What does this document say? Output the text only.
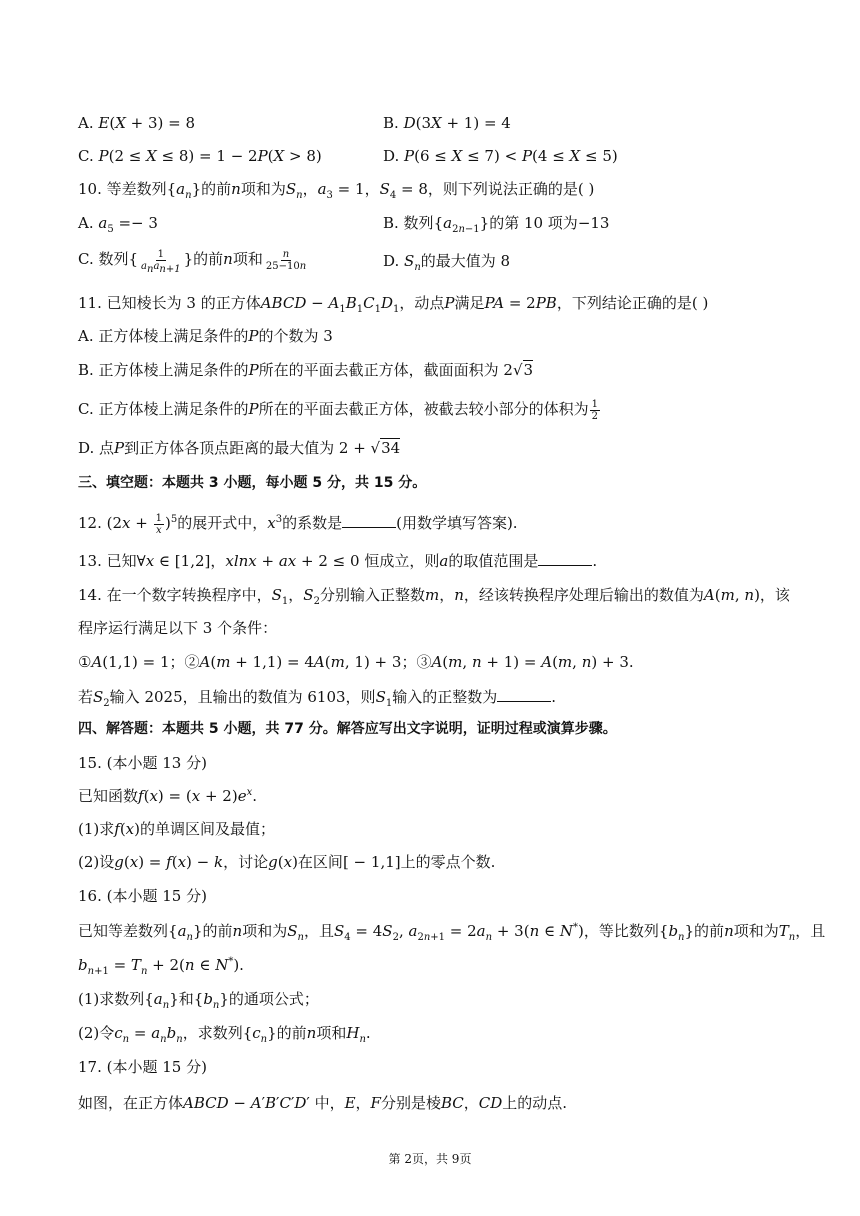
A. E(X + 3) = 8	B. D(3X + 1) = 4
C. P(2 ≤ X ≤ 8) = 1 − 2P(X > 8)	D. P(6 ≤ X ≤ 7) < P(4 ≤ X ≤ 5)
10. 等差数列$\{a_n\}$的前n项和为$S_n$，$a_3 = 1$，$S_4 = 8$，则下列说法正确的是( )
A. $a_5 =- 3$	B. 数列$\{a_{2n-1}\}$的第 10 项为−13
C. 数列{ $\frac{1}{a_na_{n+1}}$ }的前n项和 $\frac{n}{25-10n}$	D. $S_n$的最大值为 8
11. 已知棱长为 3 的正方体ABCD − $A_1B_1C_1D_1$，动点P满足PA = 2PB，下列结论正确的是( )
A. 正方体棱上满足条件的P的个数为 3
B. 正方体棱上满足条件的P所在的平面去截正方体，截面面积为 2√3
C. 正方体棱上满足条件的P所在的平面去截正方体，被截去较小部分的体积为 $\frac{1}{2}$
D. 点P到正方体各顶点距离的最大值为 2 + √34
三、填空题：本题共 3 小题，每小题 5 分，共 15 分。
12. $(2x + \frac{1}{x} )^5$的展开式中，$x^3$的系数是	(用数学填写答案).
13. 已知∀x ∈ [1,2]，xlnx + ax + 2 ≤ 0 恒成立，则a的取值范围是	.
14. 在一个数字转换程序中，$S_1$，$S_2$分别输入正整数m，n，经该转换程序处理后输出的数值为A(m, n)，该
程序运行满足以下 3 个条件：
①A(1,1) = 1；②A(m + 1,1) = 4A(m, 1) + 3；③A(m, n + 1) = A(m, n) + 3.
若$S_2$输入 2025，且输出的数值为 6103，则$S_1$输入的正整数为	.
四、解答题：本题共 5 小题，共 77 分。解答应写出文字说明，证明过程或演算步骤。
15. (本小题 13 分)
已知函数$f(x) = (x + 2)e^x$.
(1)求f(x)的单调区间及最值；
(2)设g(x) = f(x) − k，讨论g(x)在区间[ − 1,1]上的零点个数.
16. (本小题 15 分)
已知等差数列$\{a_n\}$的前n项和为$S_n$，且$S_4 = 4S_2$, $a_{2n+1} = 2a_n + 3(n$ ∈ N*)，等比数列$\{b_n\}$的前n项和为$T_n$，且
$b_{n+1} = T_n + 2(n$ ∈ N*).
(1)求数列$\{a_n\}$和$\{b_n\}$的通项公式；
(2)令$c_n = a_nb_n$，求数列$\{c_n\}$的前n项和$H_n$.
17. (本小题 15 分)
如图，在正方体ABCD − A′B′C′D′ 中，E，F分别是棱BC，CD上的动点.
第 2页，共 9页
